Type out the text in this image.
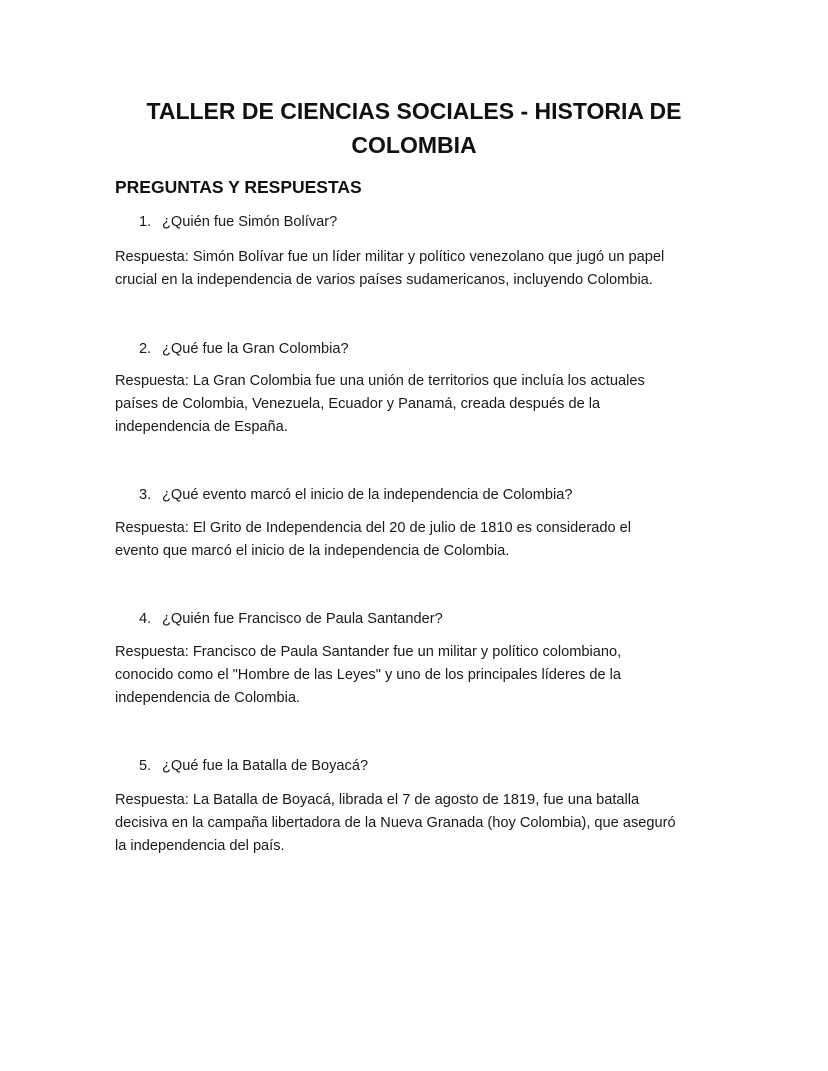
TALLER DE CIENCIAS SOCIALES - HISTORIA DE
COLOMBIA
PREGUNTAS Y RESPUESTAS

1. ¿Quién fue Simón Bolívar?

Respuesta: Simón Bolívar fue un líder militar y político venezolano que jugó un papel
crucial en la independencia de varios países sudamericanos, incluyendo Colombia.

2. ¿Qué fue la Gran Colombia?

Respuesta: La Gran Colombia fue una unión de territorios que incluía los actuales
países de Colombia, Venezuela, Ecuador y Panamá, creada después de la
independencia de España.

3. ¿Qué evento marcó el inicio de la independencia de Colombia?

Respuesta: El Grito de Independencia del 20 de julio de 1810 es considerado el
evento que marcó el inicio de la independencia de Colombia.

4. ¿Quién fue Francisco de Paula Santander?

Respuesta: Francisco de Paula Santander fue un militar y político colombiano,
conocido como el "Hombre de las Leyes" y uno de los principales líderes de la
independencia de Colombia.

5. ¿Qué fue la Batalla de Boyacá?

Respuesta: La Batalla de Boyacá, librada el 7 de agosto de 1819, fue una batalla
decisiva en la campaña libertadora de la Nueva Granada (hoy Colombia), que aseguró
la independencia del país.
